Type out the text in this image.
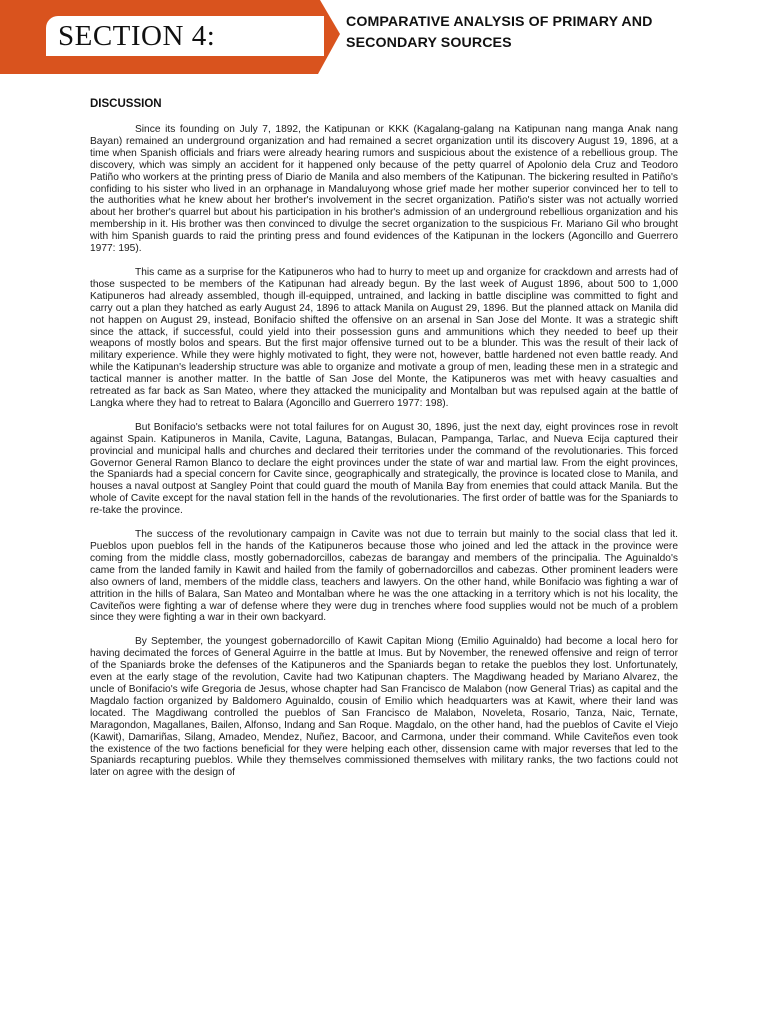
SECTION 4:	COMPARATIVE ANALYSIS OF PRIMARY AND SECONDARY SOURCES
DISCUSSION

Since its founding on July 7, 1892, the Katipunan or KKK (Kagalang-galang na Katipunan nang manga Anak nang Bayan) remained an underground organization and had remained a secret organization until its discovery August 19, 1896, at a time when Spanish officials and friars were already hearing rumors and suspicious about the existence of a rebellious group. The discovery, which was simply an accident for it happened only because of the petty quarrel of Apolonio dela Cruz and Teodoro Patiño who workers at the printing press of Diario de Manila and also members of the Katipunan. The bickering resulted in Patiño's confiding to his sister who lived in an orphanage in Mandaluyong whose grief made her mother superior convinced her to tell to the authorities what he knew about her brother's involvement in the secret organization. Patiño's sister was not actually worried about her brother's quarrel but about his participation in his brother's admission of an underground rebellious organization and his membership in it. His brother was then convinced to divulge the secret organization to the suspicious Fr. Mariano Gil who brought with him Spanish guards to raid the printing press and found evidences of the Katipunan in the lockers (Agoncillo and Guerrero 1977: 195).

This came as a surprise for the Katipuneros who had to hurry to meet up and organize for crackdown and arrests had of those suspected to be members of the Katipunan had already begun. By the last week of August 1896, about 500 to 1,000 Katipuneros had already assembled, though ill-equipped, untrained, and lacking in battle discipline was committed to fight and carry out a plan they hatched as early August 24, 1896 to attack Manila on August 29, 1896. But the planned attack on Manila did not happen on August 29, instead, Bonifacio shifted the offensive on an arsenal in San Jose del Monte. It was a strategic shift since the attack, if successful, could yield into their possession guns and ammunitions which they needed to beef up their weapons of mostly bolos and spears. But the first major offensive turned out to be a blunder. This was the result of their lack of military experience. While they were highly motivated to fight, they were not, however, battle hardened not even battle ready. And while the Katipunan's leadership structure was able to organize and motivate a group of men, leading these men in a strategic and tactical manner is another matter. In the battle of San Jose del Monte, the Katipuneros was met with heavy casualties and retreated as far back as San Mateo, where they attacked the municipality and Montalban but was repulsed again at the battle of Langka where they had to retreat to Balara (Agoncillo and Guerrero 1977: 198).

But Bonifacio's setbacks were not total failures for on August 30, 1896, just the next day, eight provinces rose in revolt against Spain. Katipuneros in Manila, Cavite, Laguna, Batangas, Bulacan, Pampanga, Tarlac, and Nueva Ecija captured their provincial and municipal halls and churches and declared their territories under the command of the revolutionaries. This forced Governor General Ramon Blanco to declare the eight provinces under the state of war and martial law. From the eight provinces, the Spaniards had a special concern for Cavite since, geographically and strategically, the province is located close to Manila, and houses a naval outpost at Sangley Point that could guard the mouth of Manila Bay from enemies that could attack Manila. But the whole of Cavite except for the naval station fell in the hands of the revolutionaries. The first order of battle was for the Spaniards to re-take the province.

The success of the revolutionary campaign in Cavite was not due to terrain but mainly to the social class that led it. Pueblos upon pueblos fell in the hands of the Katipuneros because those who joined and led the attack in the province were coming from the middle class, mostly gobernadorcillos, cabezas de barangay and members of the principalia. The Aguinaldo's came from the landed family in Kawit and hailed from the family of gobernadorcillos and cabezas. Other prominent leaders were also owners of land, members of the middle class, teachers and lawyers. On the other hand, while Bonifacio was fighting a war of attrition in the hills of Balara, San Mateo and Montalban where he was the one attacking in a territory which is not his locality, the Caviteños were fighting a war of defense where they were dug in trenches where food supplies would not be much of a problem since they were fighting a war in their own backyard.

By September, the youngest gobernadorcillo of Kawit Capitan Miong (Emilio Aguinaldo) had become a local hero for having decimated the forces of General Aguirre in the battle at Imus. But by November, the renewed offensive and reign of terror of the Spaniards broke the defenses of the Katipuneros and the Spaniards began to retake the pueblos they lost. Unfortunately, even at the early stage of the revolution, Cavite had two Katipunan chapters. The Magdiwang headed by Mariano Alvarez, the uncle of Bonifacio's wife Gregoria de Jesus, whose chapter had San Francisco de Malabon (now General Trias) as capital and the Magdalo faction organized by Baldomero Aguinaldo, cousin of Emilio which headquarters was at Kawit, where their land was located. The Magdiwang controlled the pueblos of San Francisco de Malabon, Noveleta, Rosario, Tanza, Naic, Ternate, Maragondon, Magallanes, Bailen, Alfonso, Indang and San Roque. Magdalo, on the other hand, had the pueblos of Cavite el Viejo (Kawit), Damariñas, Silang, Amadeo, Mendez, Nuñez, Bacoor, and Carmona, under their command. While Caviteños even took the existence of the two factions beneficial for they were helping each other, dissension came with major reverses that led to the Spaniards recapturing pueblos. While they themselves commissioned themselves with military ranks, the two factions could not later on agree with the design of
